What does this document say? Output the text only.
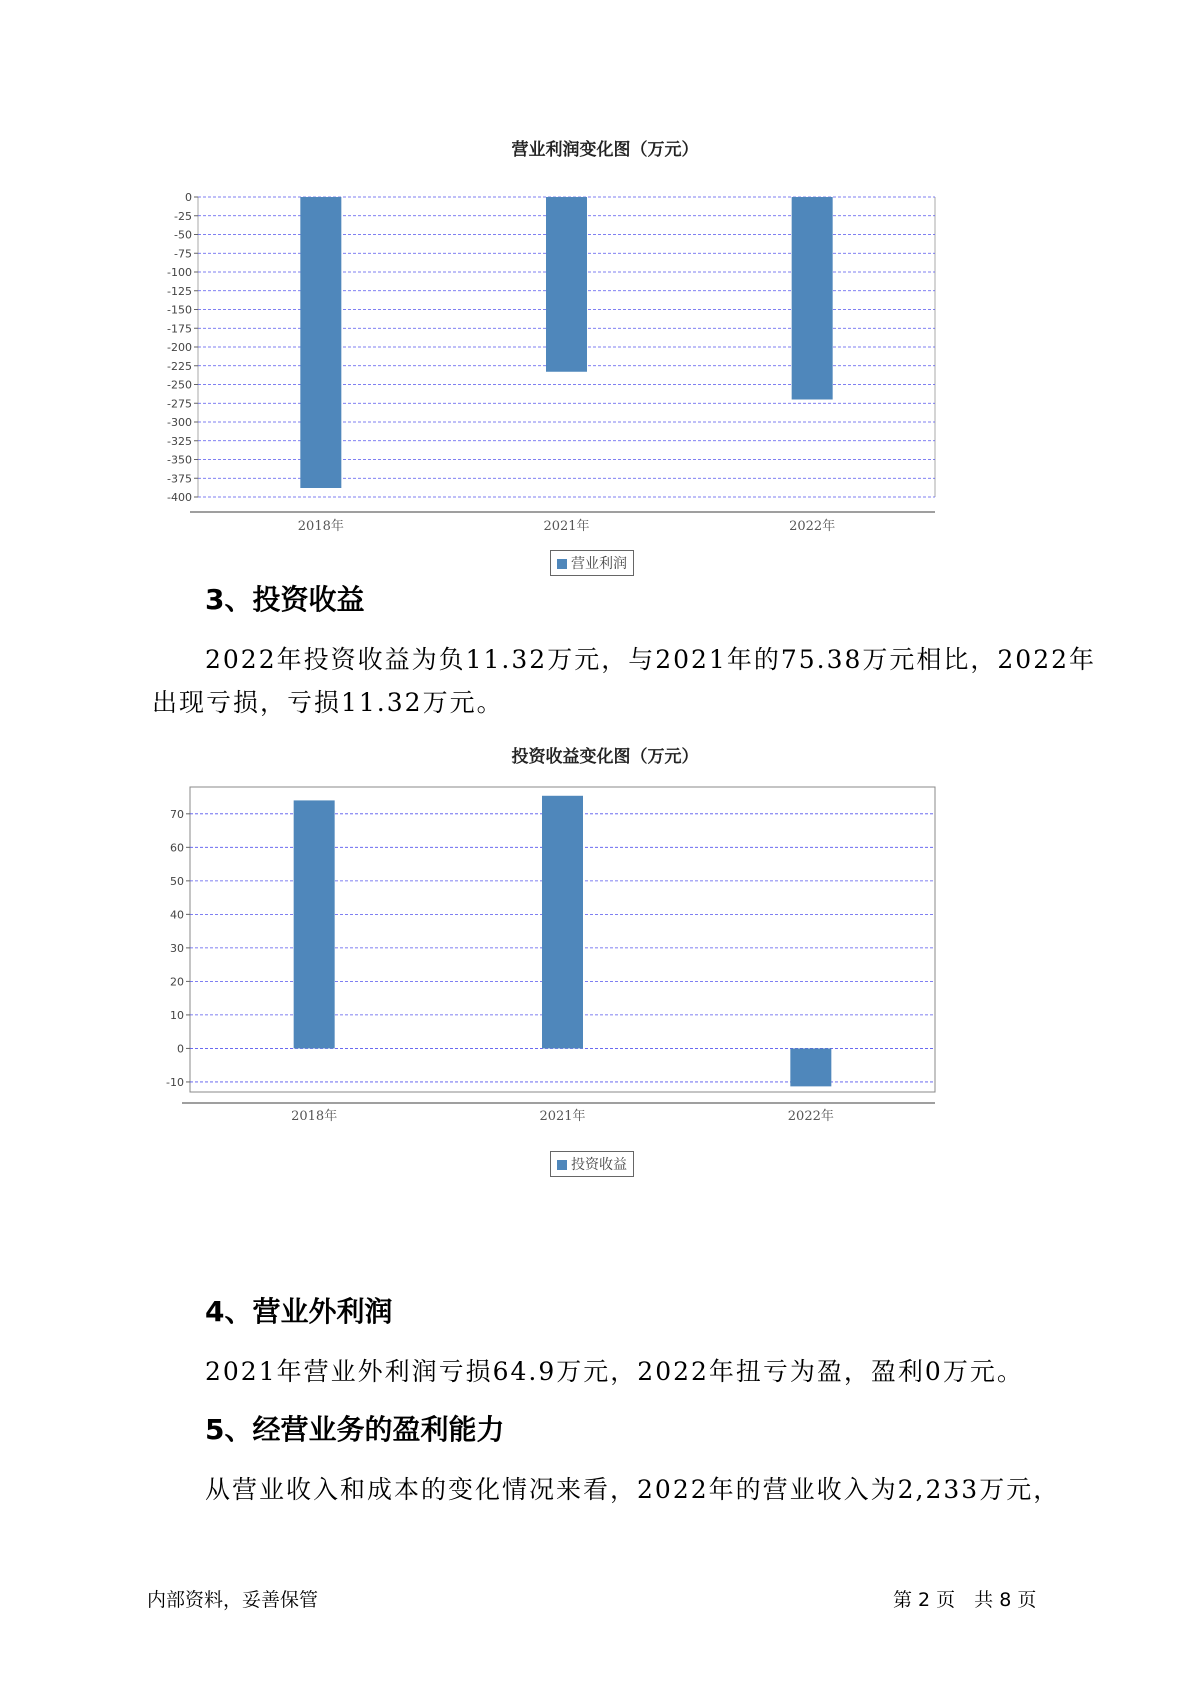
营业利润变化图（万元）
0
-25
-50
-75
-100
-125
-150
-175
-200
-225
-250
-275
-300
-325
-350
-375
-400
2018年	2021年	2022年
营业利润
3、投资收益
2022年投资收益为负11.32万元，与2021年的75.38万元相比，2022年
出现亏损，亏损11.32万元。
投资收益变化图（万元）
70
60
50
40
30
20
10
0
-10
2018年	2021年	2022年
投资收益
4、营业外利润
2021年营业外利润亏损64.9万元，2022年扭亏为盈，盈利0万元。
5、经营业务的盈利能力
从营业收入和成本的变化情况来看，2022年的营业收入为2,233万元，
内部资料，妥善保管	第 2 页　共 8 页
